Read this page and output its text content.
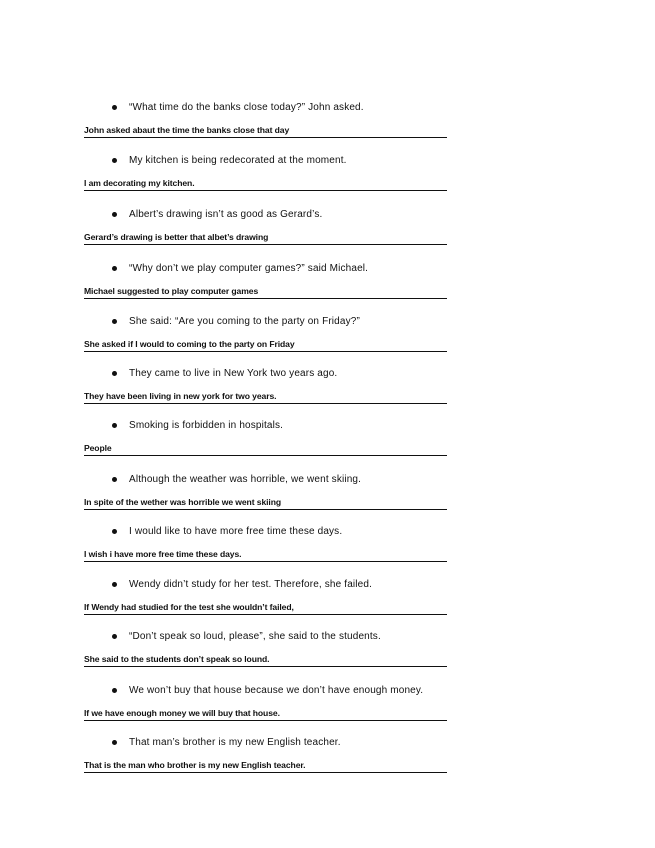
“What time do the banks close today?” John asked.
John asked abaut the time the banks close that day
My kitchen is being redecorated at the moment.
I am decorating my kitchen.
Albert’s drawing isn’t as good as Gerard’s.
Gerard’s drawing is better that albet’s drawing
“Why don’t we play computer games?” said Michael.
Michael suggested to play computer games
She said: “Are you coming to the party on Friday?”
She asked if I would to coming to the party on Friday
They came to live in New York two years ago.
They have been living in new york for two years.
Smoking is forbidden in hospitals.
People
Although the weather was horrible, we went skiing.
In spite of the wether was horrible we went skiing
I would like to have more free time these days.
I wish i have more free time these days.
Wendy didn’t study for her test. Therefore, she failed.
If Wendy had studied for the test she wouldn’t failed,
“Don’t speak so loud, please”, she said to the students.
She said to the students don’t speak so lound.
We won’t buy that house because we don’t have enough money.
If we have enough money we will buy that house.
That man’s brother is my new English teacher.
That is the man who brother is my new English teacher.
